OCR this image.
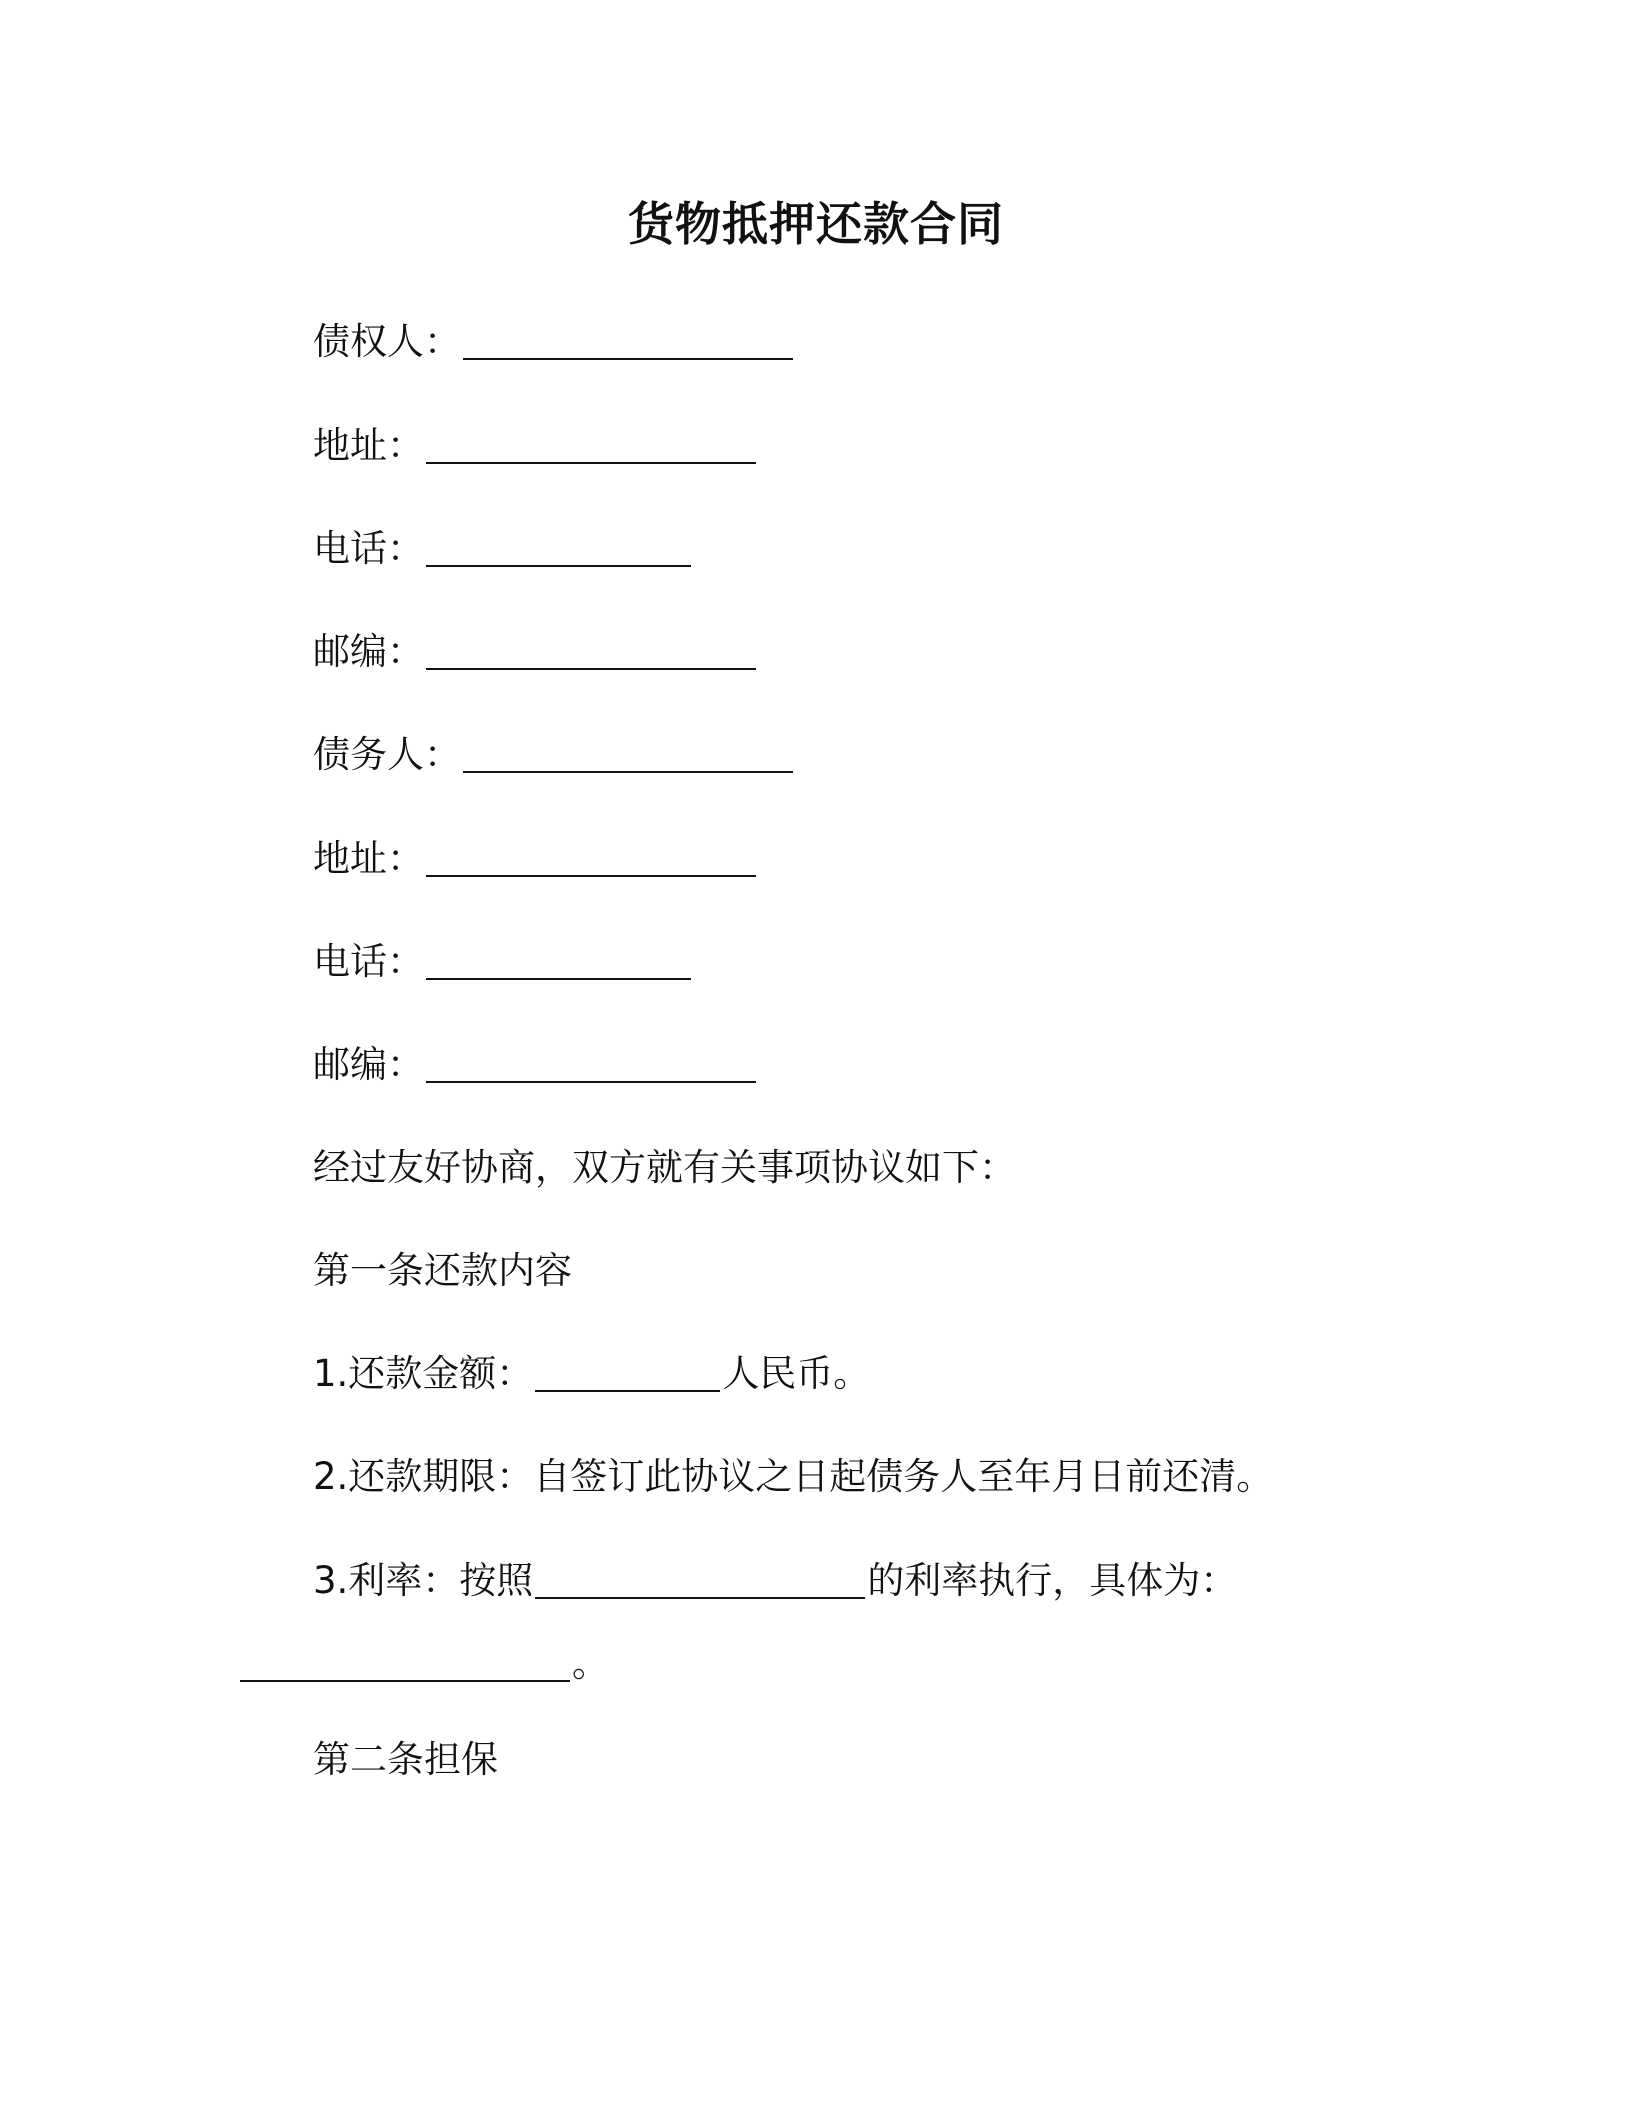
货物抵押还款合同
债权人：
地址：
电话：
邮编：
债务人：
地址：
电话：
邮编：
经过友好协商，双方就有关事项协议如下：
第一条还款内容
1.还款金额：	人民币。
2.还款期限：自签订此协议之日起债务人至年月日前还清。
3.利率：按照	的利率执行，具体为：
。
第二条担保
